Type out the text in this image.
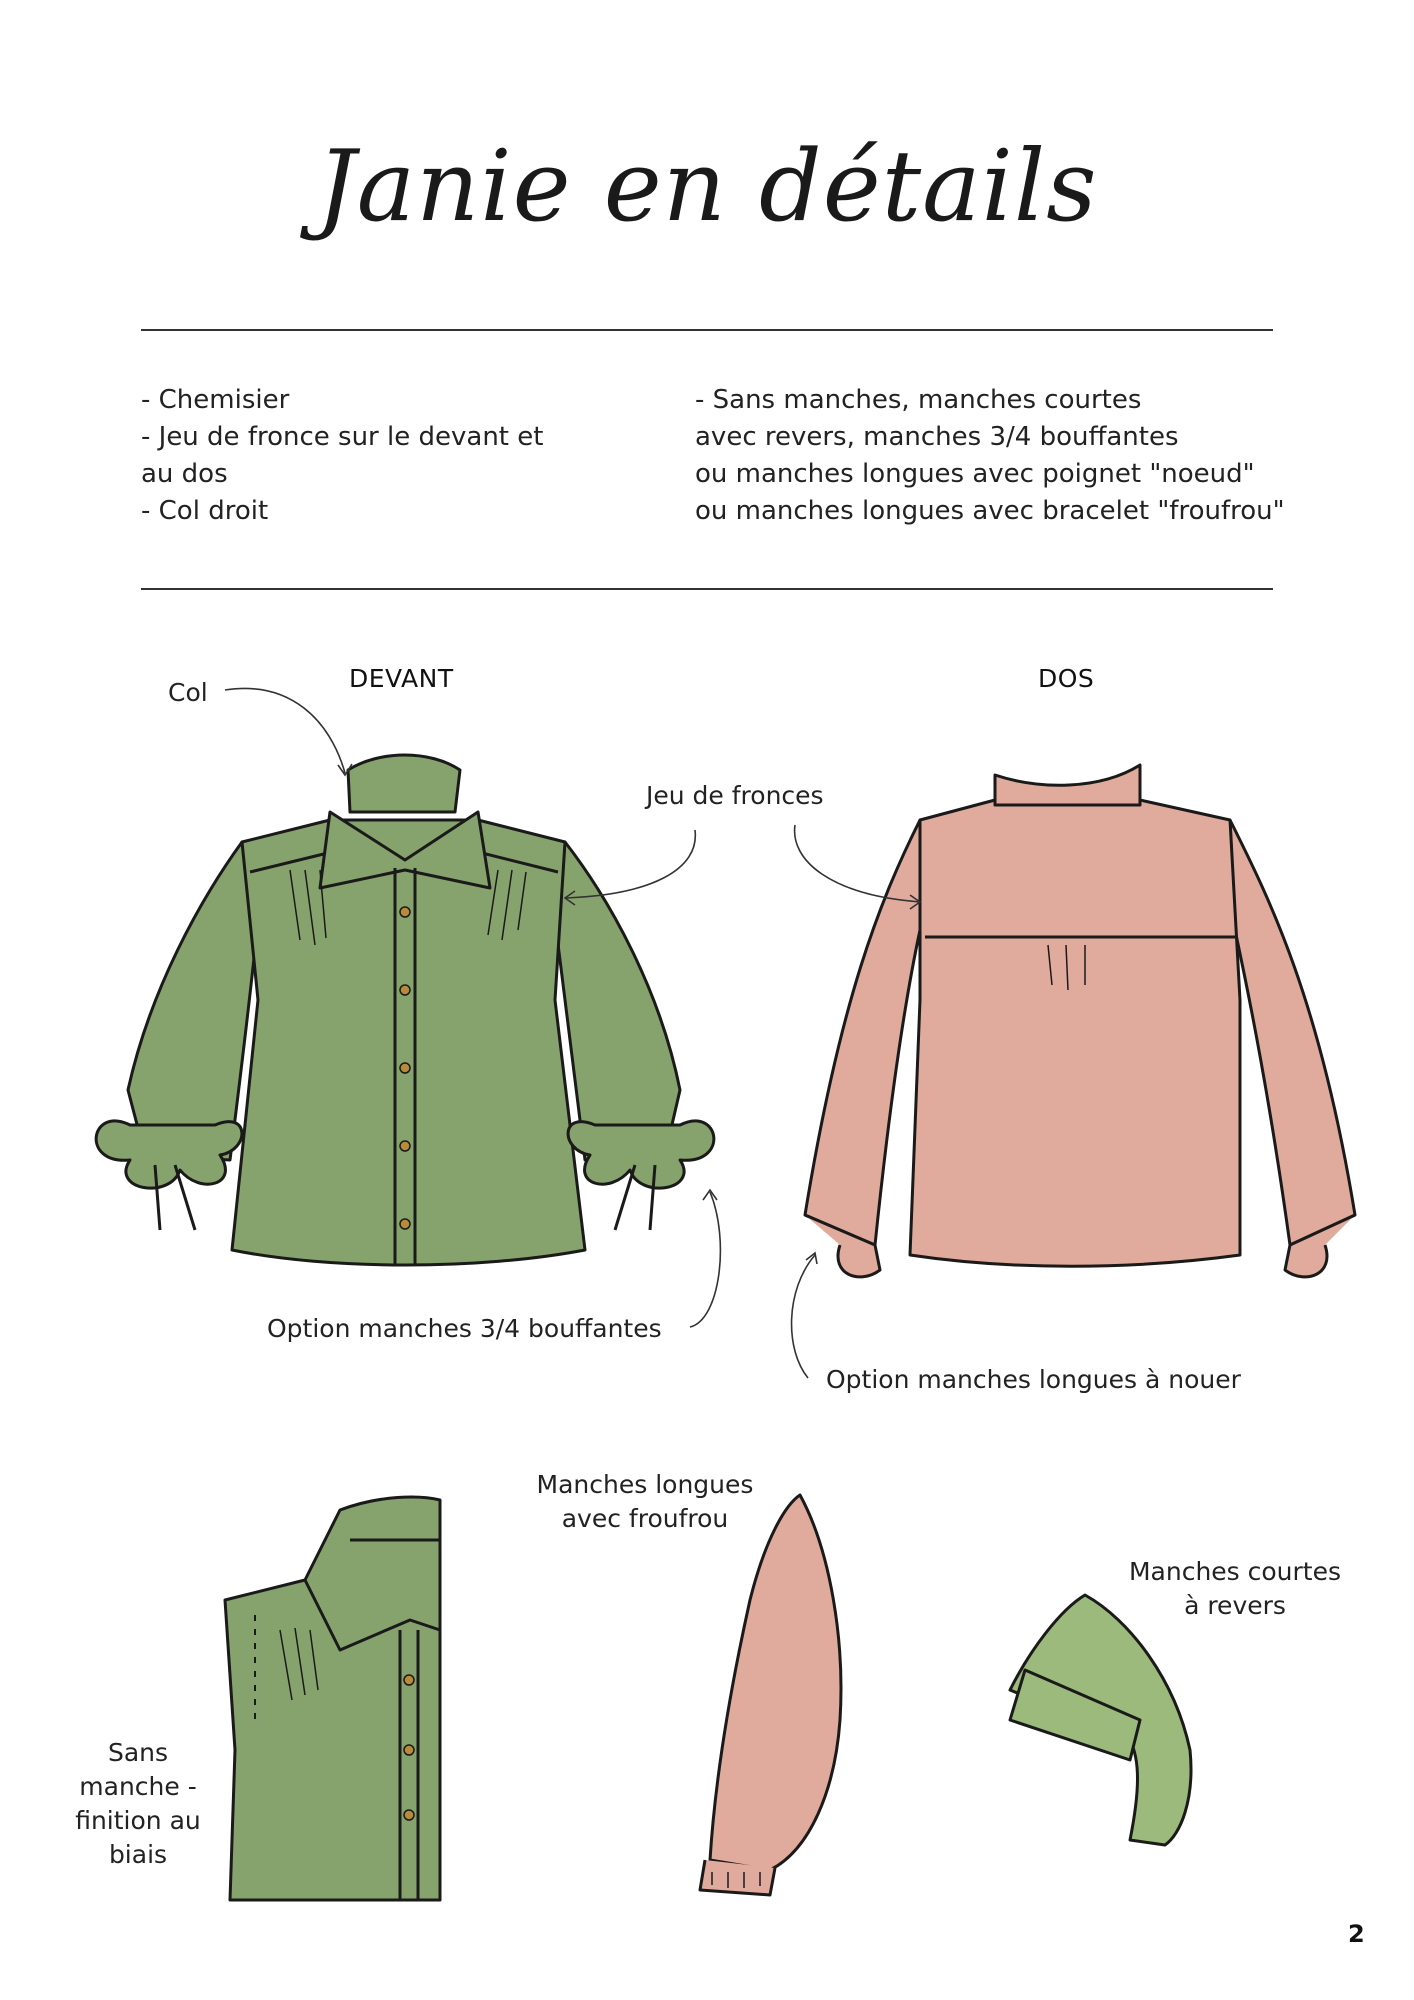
Janie en détails
- Chemisier
- Jeu de fronce sur le devant et
au dos
- Col droit
- Sans manches, manches courtes
avec revers, manches 3/4 bouffantes
ou manches longues avec poignet "noeud"
ou manches longues avec bracelet "froufrou"
DEVANT	DOS
Col
Jeu de fronces
Option manches 3/4 bouffantes
Option manches longues à nouer
Sans
manche -
finition au
biais
Manches longues
avec froufrou
Manches courtes
à revers
2
